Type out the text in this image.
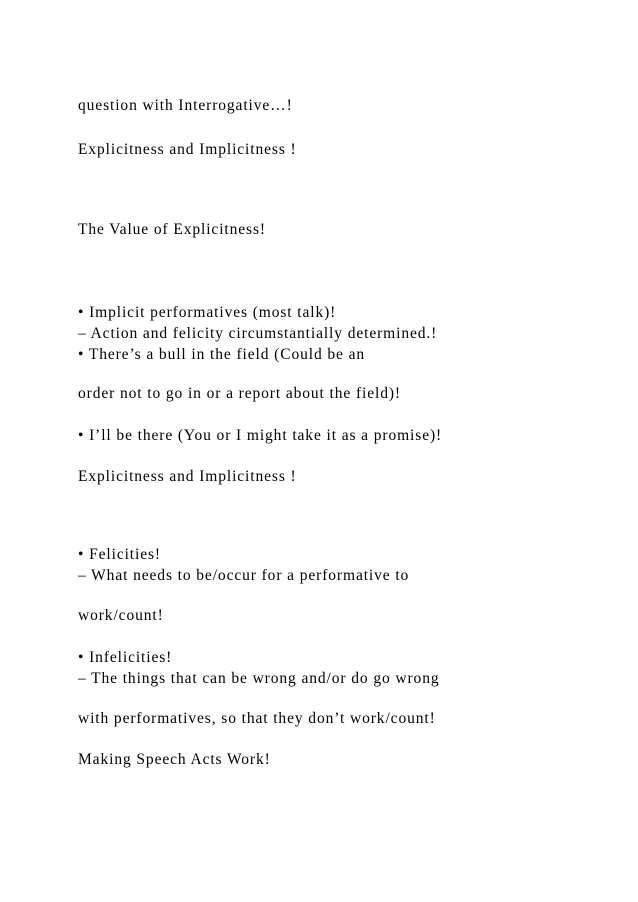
question with Interrogative…!
Explicitness and Implicitness !
The Value of Explicitness!
• Implicit performatives (most talk)!
– Action and felicity circumstantially determined.!
• There’s a bull in the field (Could be an
order not to go in or a report about the field)!
• I’ll be there (You or I might take it as a promise)!
Explicitness and Implicitness !
• Felicities!
– What needs to be/occur for a performative to
work/count!
• Infelicities!
– The things that can be wrong and/or do go wrong
with performatives, so that they don’t work/count!
Making Speech Acts Work!
